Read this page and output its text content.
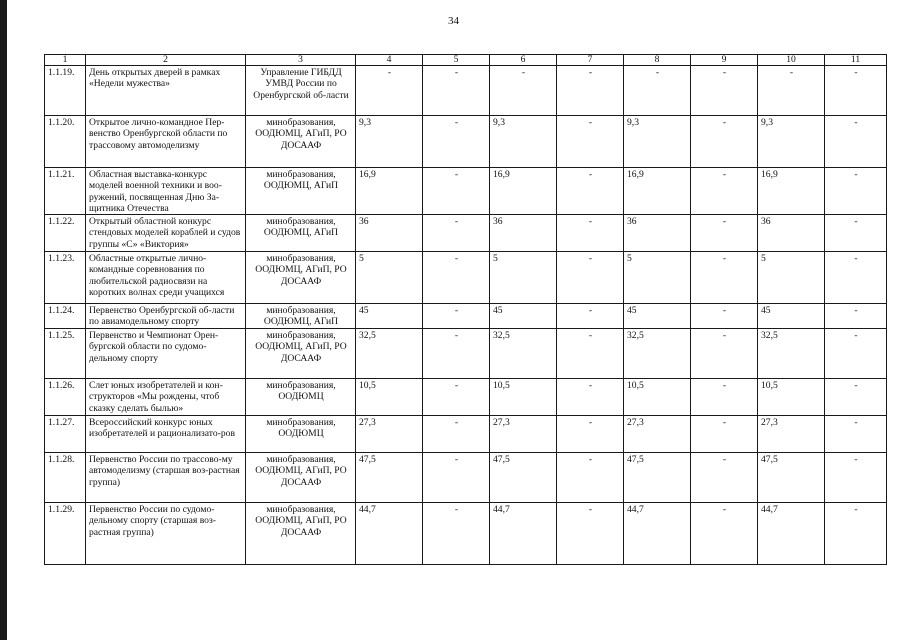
34
1	2	3	4	5	6	7	8	9	10	11
1.1.19.	День открытых дверей в рамках «Недели мужества»	Управление ГИБДД УМВД России по Оренбургской об-ласти	-	-	-	-	-	-	-	-
1.1.20.	Открытое лично-командное Пер-венство Оренбургской области по трассовому автомоделизму	минобразования, ООДЮМЦ, АГиП, РО ДОСААФ	9,3	-	9,3	-	9,3	-	9,3	-
1.1.21.	Областная выставка-конкурс моделей военной техники и воо-ружений, посвященная Дню За-щитника Отечества	минобразования, ООДЮМЦ, АГиП	16,9	-	16,9	-	16,9	-	16,9	-
1.1.22.	Открытый областной конкурс стендовых моделей кораблей и судов группы «С» «Виктория»	минобразования, ООДЮМЦ, АГиП	36	-	36	-	36	-	36	-
1.1.23.	Областные открытые лично-командные соревнования по любительской радиосвязи на коротких волнах среди учащихся	минобразования, ООДЮМЦ, АГиП, РО ДОСААФ	5	-	5	-	5	-	5	-
1.1.24.	Первенство Оренбургской об-ласти по авиамодельному спорту	минобразования, ООДЮМЦ, АГиП	45	-	45	-	45	-	45	-
1.1.25.	Первенство и Чемпионат Орен-бургской области по судомо-дельному спорту	минобразования, ООДЮМЦ, АГиП, РО ДОСААФ	32,5	-	32,5	-	32,5	-	32,5	-
1.1.26.	Слет юных изобретателей и кон-структоров «Мы рождены, чтоб сказку сделать былью»	минобразования, ООДЮМЦ	10,5	-	10,5	-	10,5	-	10,5	-
1.1.27.	Всероссийский конкурс юных изобретателей и рационализато-ров	минобразования, ООДЮМЦ	27,3	-	27,3	-	27,3	-	27,3	-
1.1.28.	Первенство России по трассово-му автомоделизму (старшая воз-растная группа)	минобразования, ООДЮМЦ, АГиП, РО ДОСААФ	47,5	-	47,5	-	47,5	-	47,5	-
1.1.29.	Первенство России по судомо-дельному спорту (старшая воз-растная группа)	минобразования, ООДЮМЦ, АГиП, РО ДОСААФ	44,7	-	44,7	-	44,7	-	44,7	-
